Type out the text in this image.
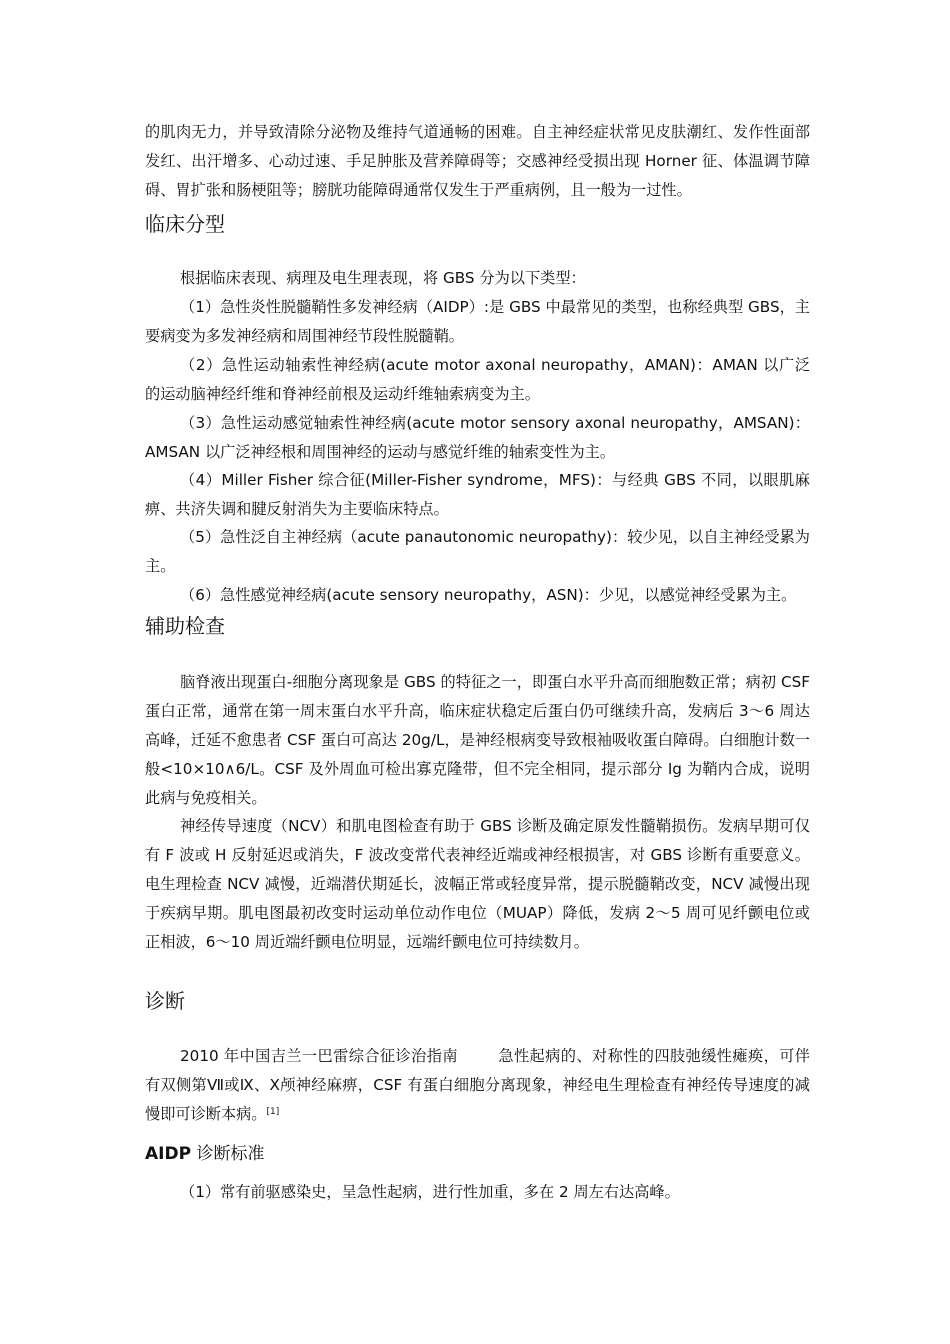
的肌肉无力，并导致清除分泌物及维持气道通畅的困难。自主神经症状常见皮肤潮红、发作性面部发红、出汗增多、心动过速、手足肿胀及营养障碍等；交感神经受损出现 Horner 征、体温调节障碍、胃扩张和肠梗阻等；膀胱功能障碍通常仅发生于严重病例，且一般为一过性。

临床分型

根据临床表现、病理及电生理表现，将 GBS 分为以下类型：

（1）急性炎性脱髓鞘性多发神经病（AIDP）:是 GBS 中最常见的类型，也称经典型 GBS，主要病变为多发神经病和周围神经节段性脱髓鞘。

（2）急性运动轴索性神经病(acute motor axonal neuropathy，AMAN)：AMAN 以广泛的运动脑神经纤维和脊神经前根及运动纤维轴索病变为主。

（3）急性运动感觉轴索性神经病(acute motor sensory axonal neuropathy，AMSAN)：AMSAN 以广泛神经根和周围神经的运动与感觉纤维的轴索变性为主。

（4）Miller Fisher 综合征(Miller-Fisher syndrome，MFS)：与经典 GBS 不同，以眼肌麻痹、共济失调和腱反射消失为主要临床特点。

（5）急性泛自主神经病（acute panautonomic neuropathy)：较少见，以自主神经受累为主。

（6）急性感觉神经病(acute sensory neuropathy，ASN)：少见，以感觉神经受累为主。

辅助检查

脑脊液出现蛋白-细胞分离现象是 GBS 的特征之一，即蛋白水平升高而细胞数正常；病初 CSF 蛋白正常，通常在第一周末蛋白水平升高，临床症状稳定后蛋白仍可继续升高，发病后 3～6 周达高峰，迁延不愈患者 CSF 蛋白可高达 20g/L，是神经根病变导致根袖吸收蛋白障碍。白细胞计数一般<10×10∧6/L。CSF 及外周血可检出寡克隆带，但不完全相同，提示部分 Ig 为鞘内合成，说明此病与免疫相关。

神经传导速度（NCV）和肌电图检查有助于 GBS 诊断及确定原发性髓鞘损伤。发病早期可仅有 F 波或 H 反射延迟或消失，F 波改变常代表神经近端或神经根损害，对 GBS 诊断有重要意义。电生理检查 NCV 减慢，近端潜伏期延长，波幅正常或轻度异常，提示脱髓鞘改变，NCV 减慢出现于疾病早期。肌电图最初改变时运动单位动作电位（MUAP）降低，发病 2～5 周可见纤颤电位或正相波，6～10 周近端纤颤电位明显，远端纤颤电位可持续数月。

诊断

2010 年中国吉兰一巴雷综合征诊治指南	急性起病的、对称性的四肢弛缓性瘫痪，可伴有双侧第Ⅶ或Ⅸ、Ⅹ颅神经麻痹，CSF 有蛋白细胞分离现象，神经电生理检查有神经传导速度的减慢即可诊断本病。[1]

AIDP 诊断标准

（1）常有前驱感染史，呈急性起病，进行性加重，多在 2 周左右达高峰。
